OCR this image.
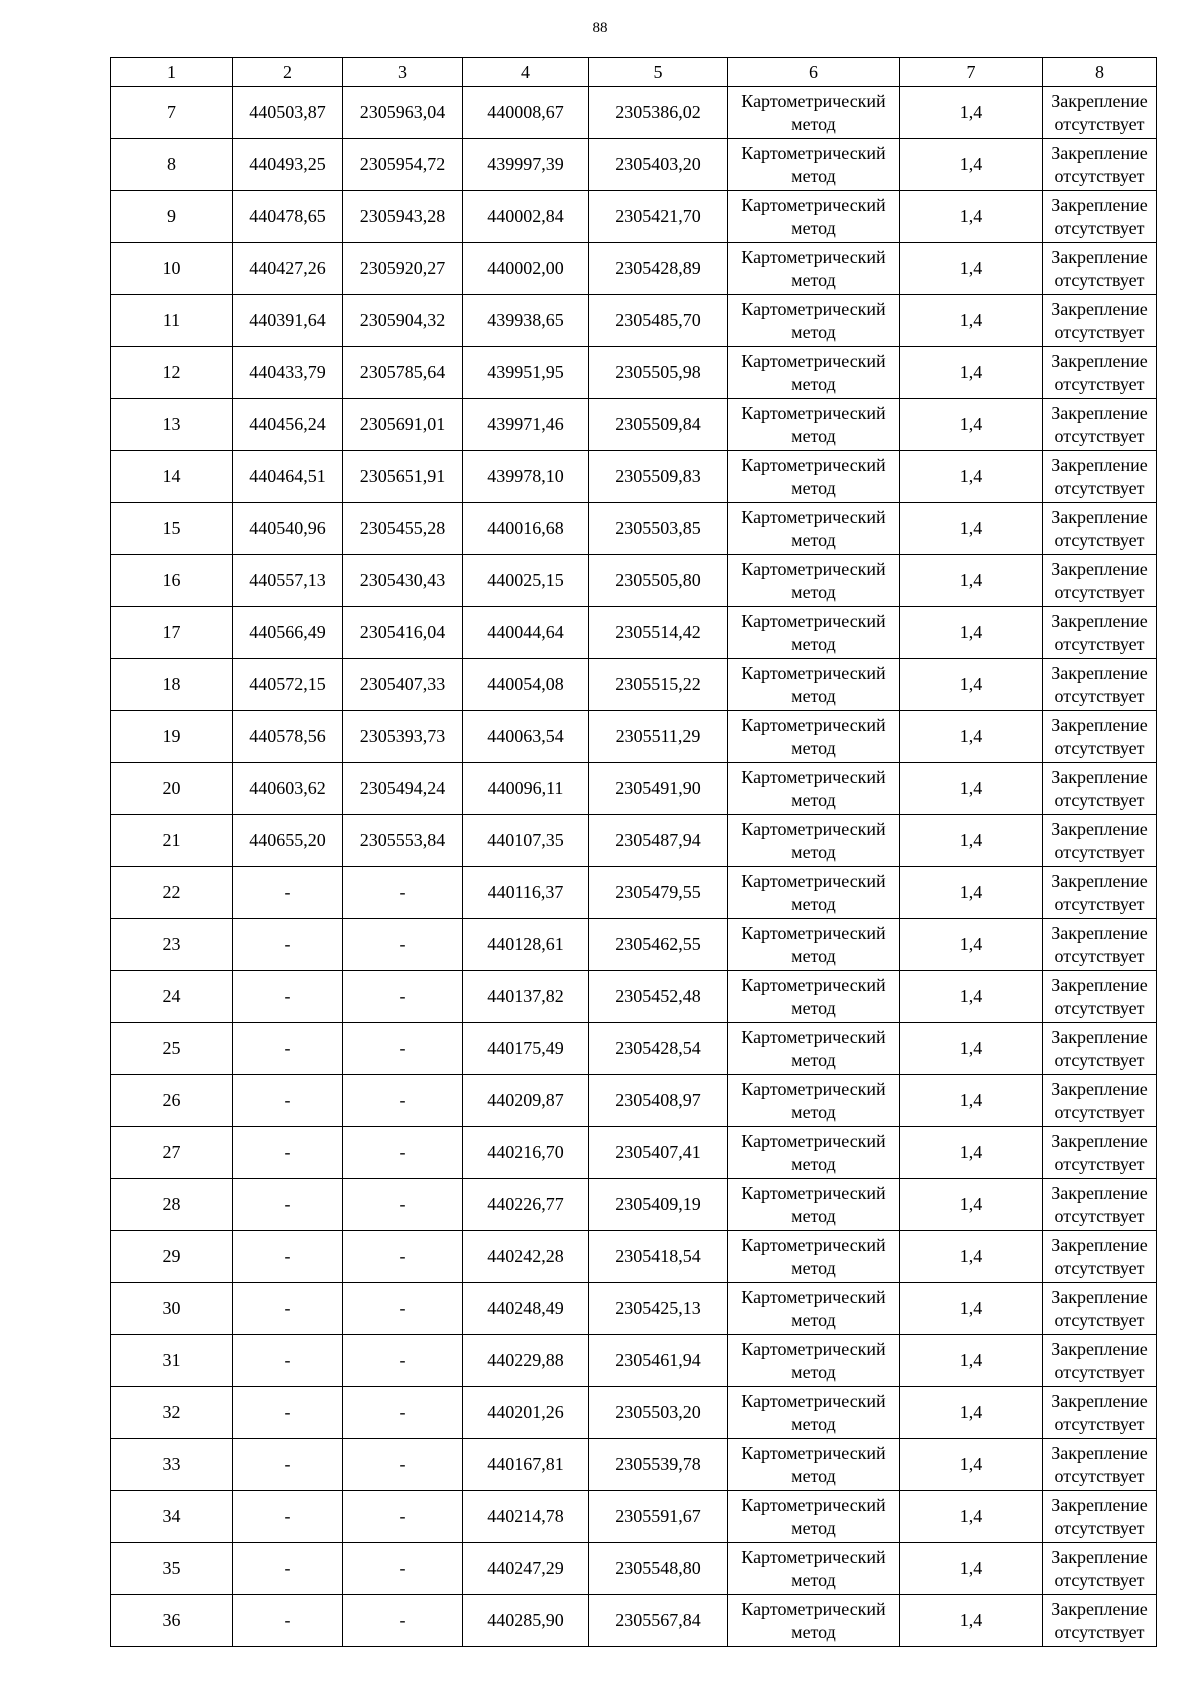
88
1	2	3	4	5	6	7	8
7	440503,87	2305963,04	440008,67	2305386,02	Картометрический метод	1,4	Закрепление отсутствует
8	440493,25	2305954,72	439997,39	2305403,20	Картометрический метод	1,4	Закрепление отсутствует
9	440478,65	2305943,28	440002,84	2305421,70	Картометрический метод	1,4	Закрепление отсутствует
10	440427,26	2305920,27	440002,00	2305428,89	Картометрический метод	1,4	Закрепление отсутствует
11	440391,64	2305904,32	439938,65	2305485,70	Картометрический метод	1,4	Закрепление отсутствует
12	440433,79	2305785,64	439951,95	2305505,98	Картометрический метод	1,4	Закрепление отсутствует
13	440456,24	2305691,01	439971,46	2305509,84	Картометрический метод	1,4	Закрепление отсутствует
14	440464,51	2305651,91	439978,10	2305509,83	Картометрический метод	1,4	Закрепление отсутствует
15	440540,96	2305455,28	440016,68	2305503,85	Картометрический метод	1,4	Закрепление отсутствует
16	440557,13	2305430,43	440025,15	2305505,80	Картометрический метод	1,4	Закрепление отсутствует
17	440566,49	2305416,04	440044,64	2305514,42	Картометрический метод	1,4	Закрепление отсутствует
18	440572,15	2305407,33	440054,08	2305515,22	Картометрический метод	1,4	Закрепление отсутствует
19	440578,56	2305393,73	440063,54	2305511,29	Картометрический метод	1,4	Закрепление отсутствует
20	440603,62	2305494,24	440096,11	2305491,90	Картометрический метод	1,4	Закрепление отсутствует
21	440655,20	2305553,84	440107,35	2305487,94	Картометрический метод	1,4	Закрепление отсутствует
22	-	-	440116,37	2305479,55	Картометрический метод	1,4	Закрепление отсутствует
23	-	-	440128,61	2305462,55	Картометрический метод	1,4	Закрепление отсутствует
24	-	-	440137,82	2305452,48	Картометрический метод	1,4	Закрепление отсутствует
25	-	-	440175,49	2305428,54	Картометрический метод	1,4	Закрепление отсутствует
26	-	-	440209,87	2305408,97	Картометрический метод	1,4	Закрепление отсутствует
27	-	-	440216,70	2305407,41	Картометрический метод	1,4	Закрепление отсутствует
28	-	-	440226,77	2305409,19	Картометрический метод	1,4	Закрепление отсутствует
29	-	-	440242,28	2305418,54	Картометрический метод	1,4	Закрепление отсутствует
30	-	-	440248,49	2305425,13	Картометрический метод	1,4	Закрепление отсутствует
31	-	-	440229,88	2305461,94	Картометрический метод	1,4	Закрепление отсутствует
32	-	-	440201,26	2305503,20	Картометрический метод	1,4	Закрепление отсутствует
33	-	-	440167,81	2305539,78	Картометрический метод	1,4	Закрепление отсутствует
34	-	-	440214,78	2305591,67	Картометрический метод	1,4	Закрепление отсутствует
35	-	-	440247,29	2305548,80	Картометрический метод	1,4	Закрепление отсутствует
36	-	-	440285,90	2305567,84	Картометрический метод	1,4	Закрепление отсутствует
